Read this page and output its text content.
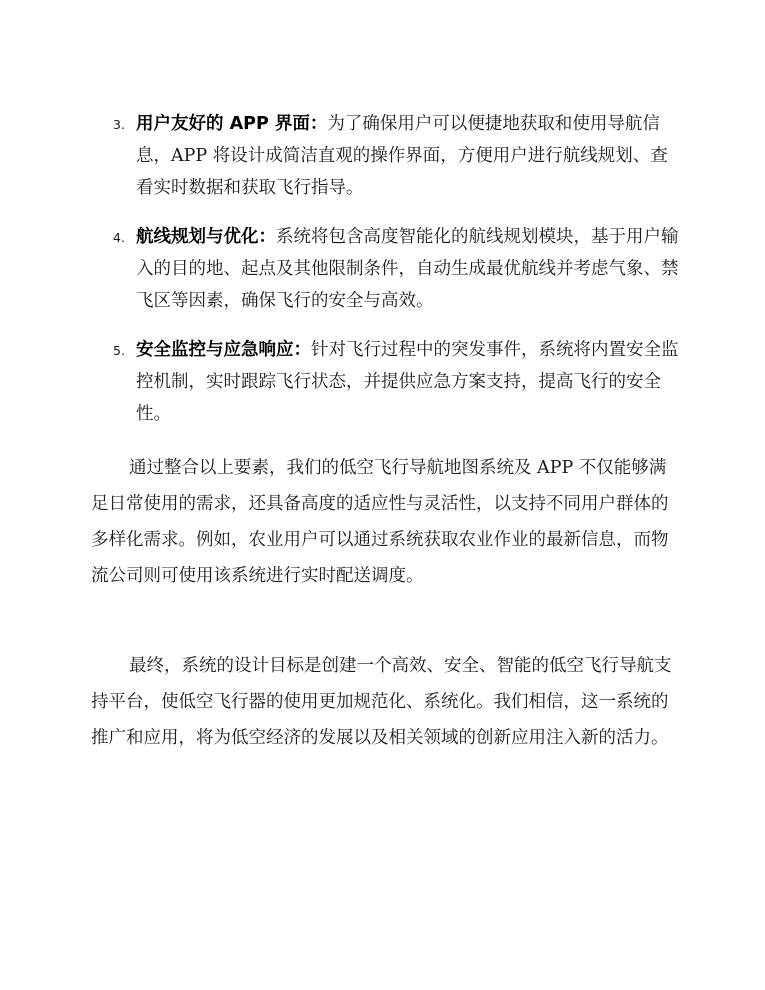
3. 用户友好的 APP 界面：为了确保用户可以便捷地获取和使用导航信息，APP 将设计成简洁直观的操作界面，方便用户进行航线规划、查看实时数据和获取飞行指导。
4. 航线规划与优化：系统将包含高度智能化的航线规划模块，基于用户输入的目的地、起点及其他限制条件，自动生成最优航线并考虑气象、禁飞区等因素，确保飞行的安全与高效。
5. 安全监控与应急响应：针对飞行过程中的突发事件，系统将内置安全监控机制，实时跟踪飞行状态，并提供应急方案支持，提高飞行的安全性。

通过整合以上要素，我们的低空飞行导航地图系统及 APP 不仅能够满足日常使用的需求，还具备高度的适应性与灵活性，以支持不同用户群体的多样化需求。例如，农业用户可以通过系统获取农业作业的最新信息，而物流公司则可使用该系统进行实时配送调度。

最终，系统的设计目标是创建一个高效、安全、智能的低空飞行导航支持平台，使低空飞行器的使用更加规范化、系统化。我们相信，这一系统的推广和应用，将为低空经济的发展以及相关领域的创新应用注入新的活力。
